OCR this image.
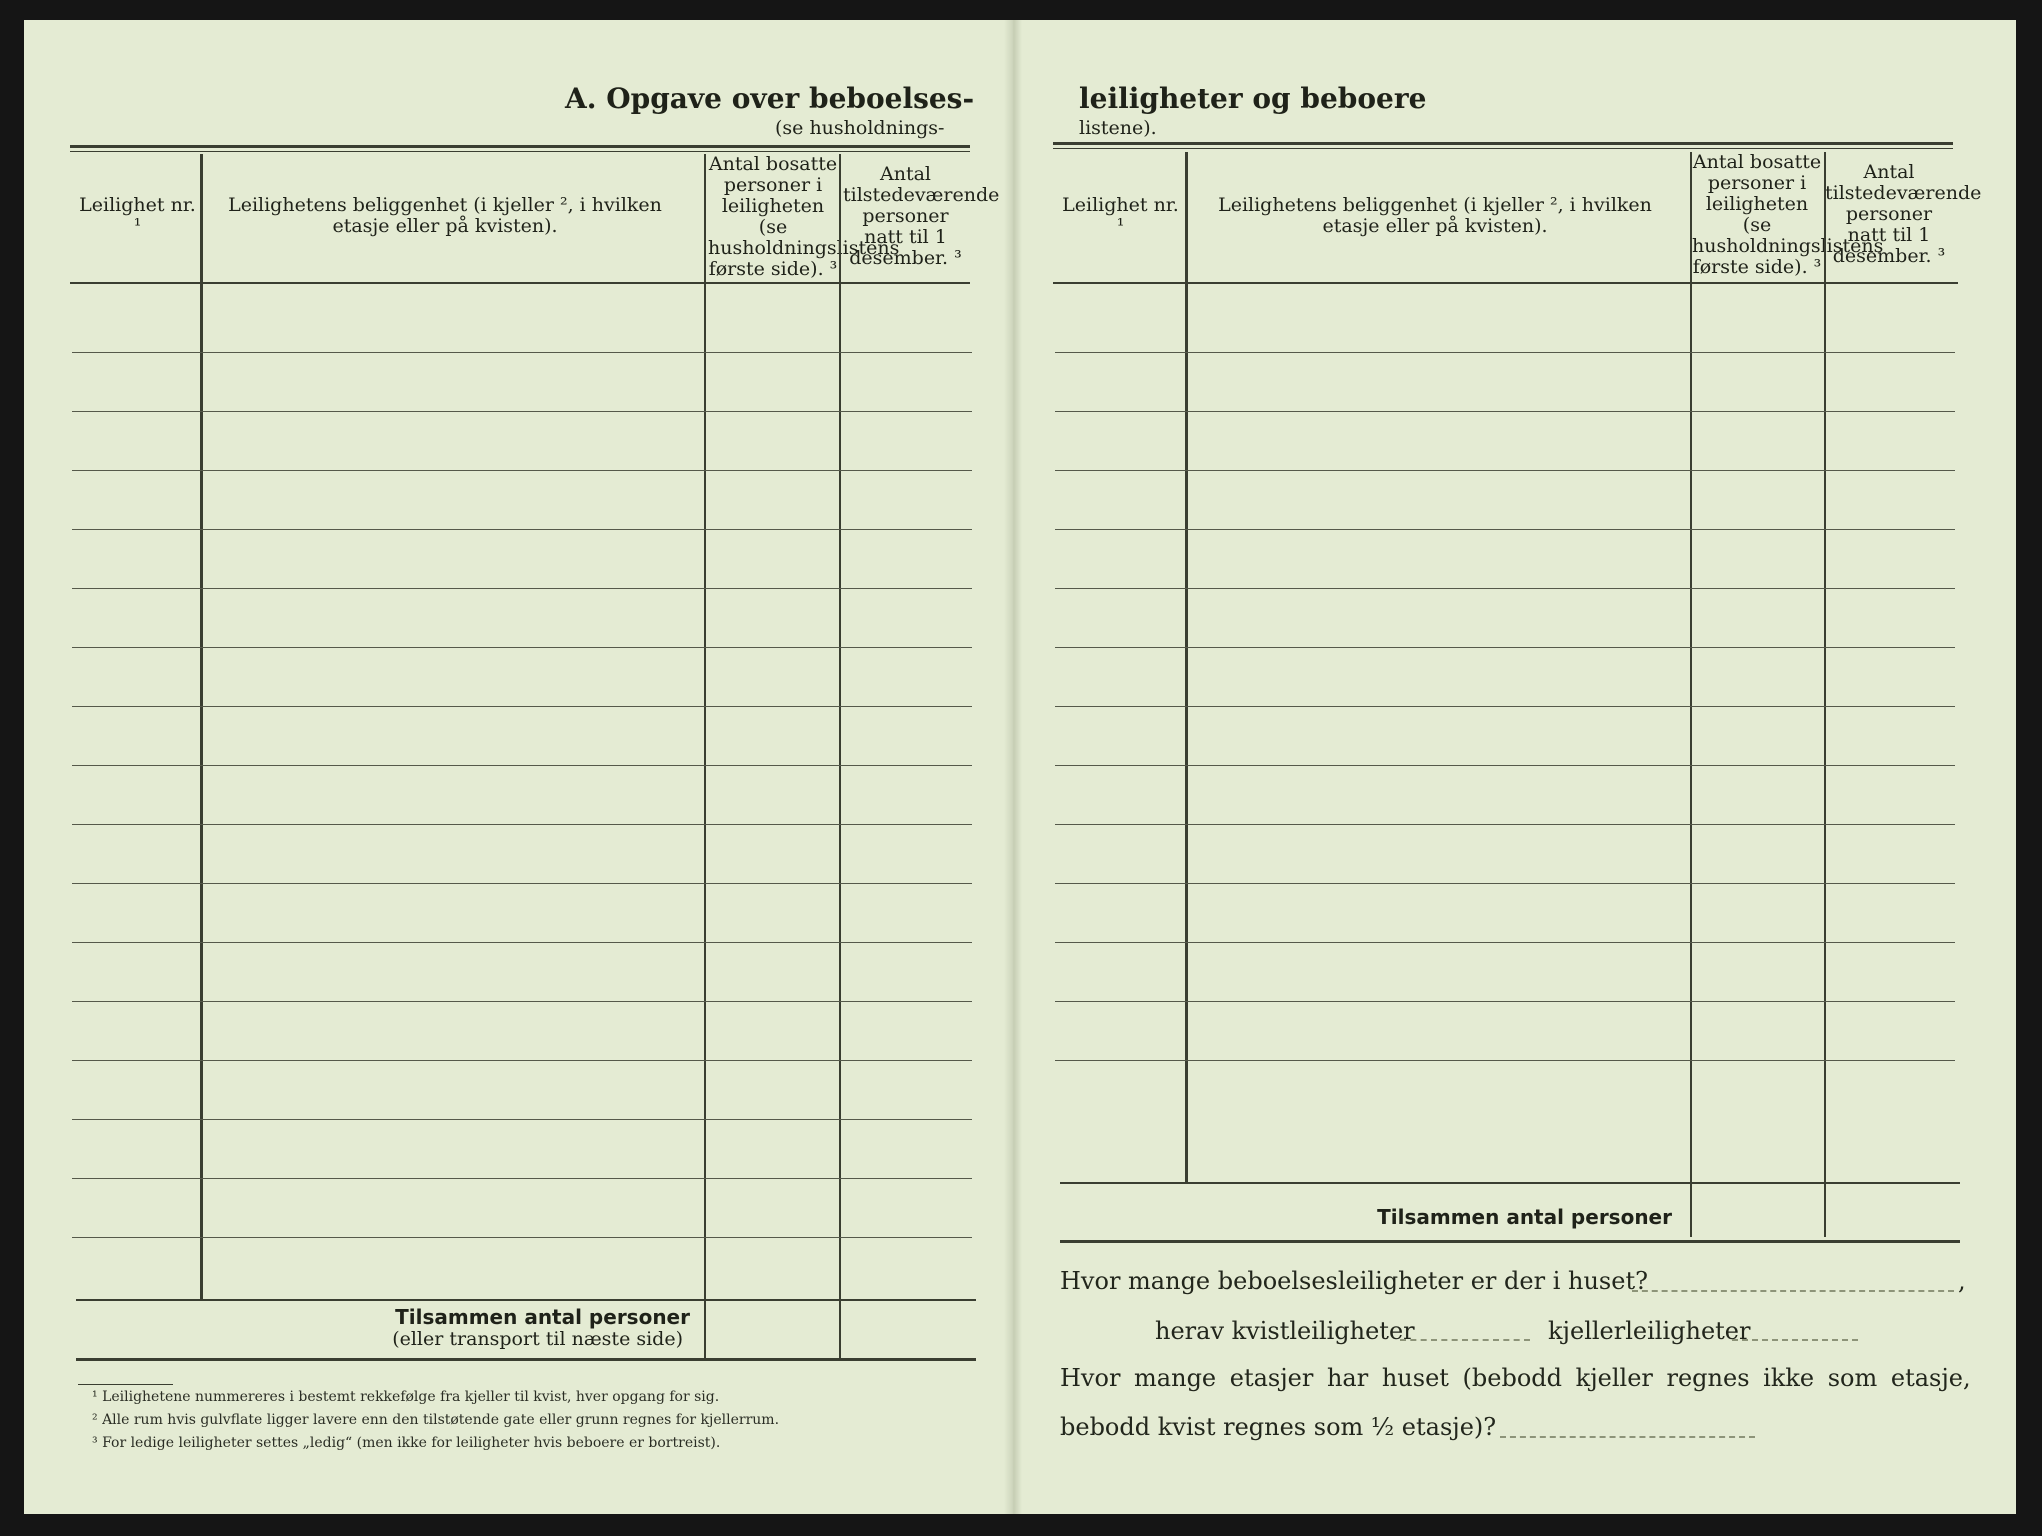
A. Opgave over beboelses-
(se husholdnings-
Leilighet nr. ¹
Leilighetens beliggenhet (i kjeller ², i hvilken etasje eller på kvisten).
Antal bosatte personer i leiligheten (se husholdningslistens første side). ³
Antal tilstedeværende personer natt til 1 desember. ³
Tilsammen antal personer
(eller transport til næste side)
¹ Leilighetene nummereres i bestemt rekkefølge fra kjeller til kvist, hver opgang for sig.
² Alle rum hvis gulvflate ligger lavere enn den tilstøtende gate eller grunn regnes for kjellerrum.
³ For ledige leiligheter settes „ledig“ (men ikke for leiligheter hvis beboere er bortreist).
leiligheter og beboere
listene).
Leilighet nr. ¹
Leilighetens beliggenhet (i kjeller ², i hvilken etasje eller på kvisten).
Antal bosatte personer i leiligheten (se husholdningslistens første side). ³
Antal tilstedeværende personer natt til 1 desember. ³
Tilsammen antal personer
Hvor mange beboelsesleiligheter er der i huset?	,
herav kvistleiligheter	kjellerleiligheter
Hvor mange etasjer har huset (bebodd kjeller regnes ikke som etasje,
bebodd kvist regnes som ½ etasje)?
